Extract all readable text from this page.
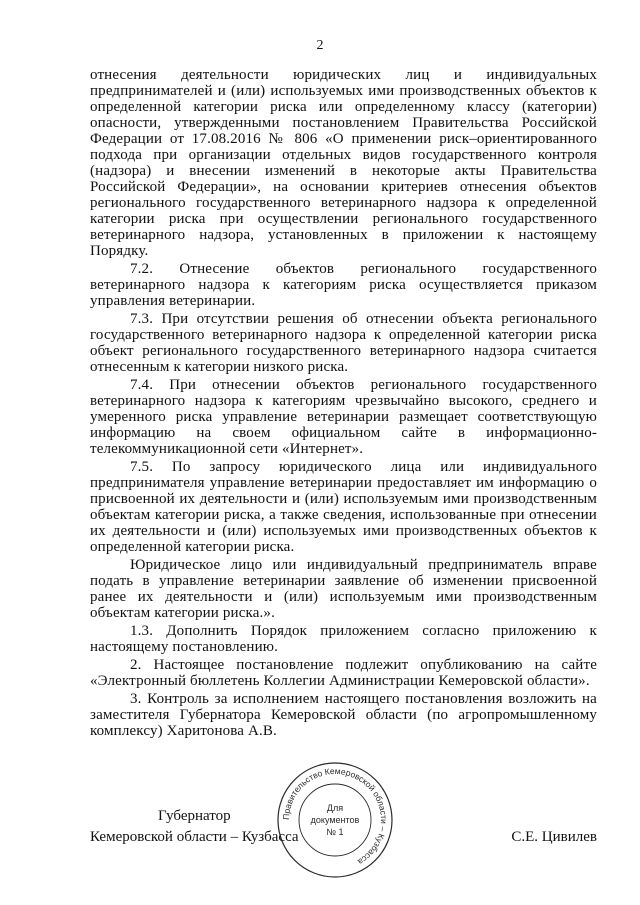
2

отнесения деятельности юридических лиц и индивидуальных предпринимателей и (или) используемых ими производственных объектов к определенной категории риска или определенному классу (категории) опасности, утвержденными постановлением Правительства Российской Федерации от 17.08.2016 № 806 «О применении риск–ориентированного подхода при организации отдельных видов государственного контроля (надзора) и внесении изменений в некоторые акты Правительства Российской Федерации», на основании критериев отнесения объектов регионального государственного ветеринарного надзора к определенной категории риска при осуществлении регионального государственного ветеринарного надзора, установленных в приложении к настоящему Порядку.

7.2. Отнесение объектов регионального государственного ветеринарного надзора к категориям риска осуществляется приказом управления ветеринарии.

7.3. При отсутствии решения об отнесении объекта регионального государственного ветеринарного надзора к определенной категории риска объект регионального государственного ветеринарного надзора считается отнесенным к категории низкого риска.

7.4. При отнесении объектов регионального государственного ветеринарного надзора к категориям чрезвычайно высокого, среднего и умеренного риска управление ветеринарии размещает соответствующую информацию на своем официальном сайте в информационно-телекоммуникационной сети «Интернет».

7.5. По запросу юридического лица или индивидуального предпринимателя управление ветеринарии предоставляет им информацию о присвоенной их деятельности и (или) используемым ими производственным объектам категории риска, а также сведения, использованные при отнесении их деятельности и (или) используемых ими производственных объектов к определенной категории риска.

Юридическое лицо или индивидуальный предприниматель вправе подать в управление ветеринарии заявление об изменении присвоенной ранее их деятельности и (или) используемым ими производственным объектам категории риска.».

1.3. Дополнить Порядок приложением согласно приложению к настоящему постановлению.

2. Настоящее постановление подлежит опубликованию на сайте «Электронный бюллетень Коллегии Администрации Кемеровской области».

3. Контроль за исполнением настоящего постановления возложить на заместителя Губернатора Кемеровской области (по агропромышленному комплексу) Харитонова А.В.

Правительство Кемеровской области – Кузбасса
Для
документов
№ 1
Губернатор
Кемеровской области – Кузбасса	С.Е. Цивилев
